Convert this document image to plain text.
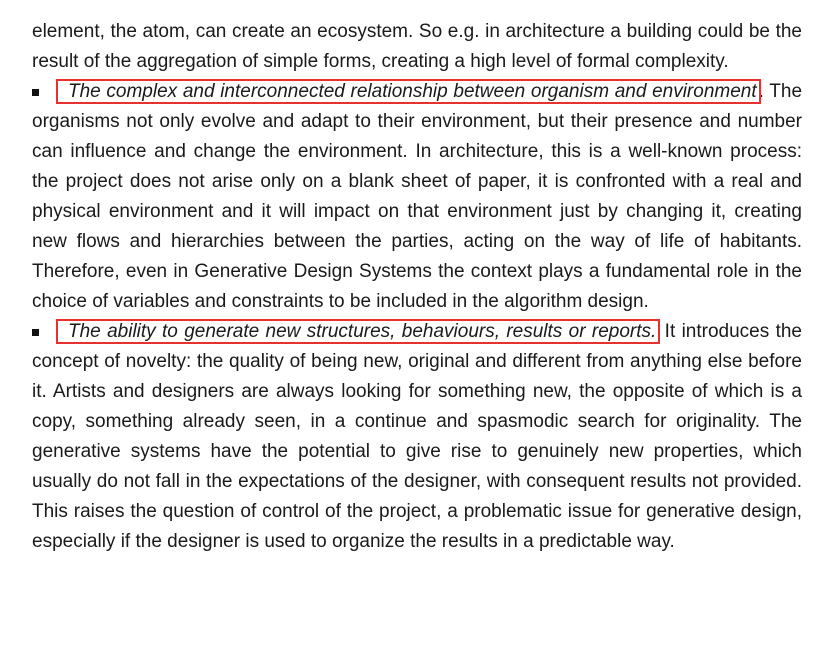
element, the atom, can create an ecosystem. So e.g. in architecture a building could be the result of the aggregation of simple forms, creating a high level of formal complexity.

The complex and interconnected relationship between organism and environment . The organisms not only evolve and adapt to their environment, but their presence and number can influence and change the environment. In architecture, this is a well-known process: the project does not arise only on a blank sheet of paper, it is confronted with a real and physical environment and it will impact on that environment just by changing it, creating new flows and hierarchies between the parties, acting on the way of life of habitants. Therefore, even in Generative Design Systems the context plays a fundamental role in the choice of variables and constraints to be included in the algorithm design.

The ability to generate new structures, behaviours, results or reports. It introduces the concept of novelty: the quality of being new, original and different from anything else before it. Artists and designers are always looking for something new, the opposite of which is a copy, something already seen, in a continue and spasmodic search for originality. The generative systems have the potential to give rise to genuinely new properties, which usually do not fall in the expectations of the designer, with consequent results not provided. This raises the question of control of the project, a problematic issue for generative design, especially if the designer is used to organize the results in a predictable way.
